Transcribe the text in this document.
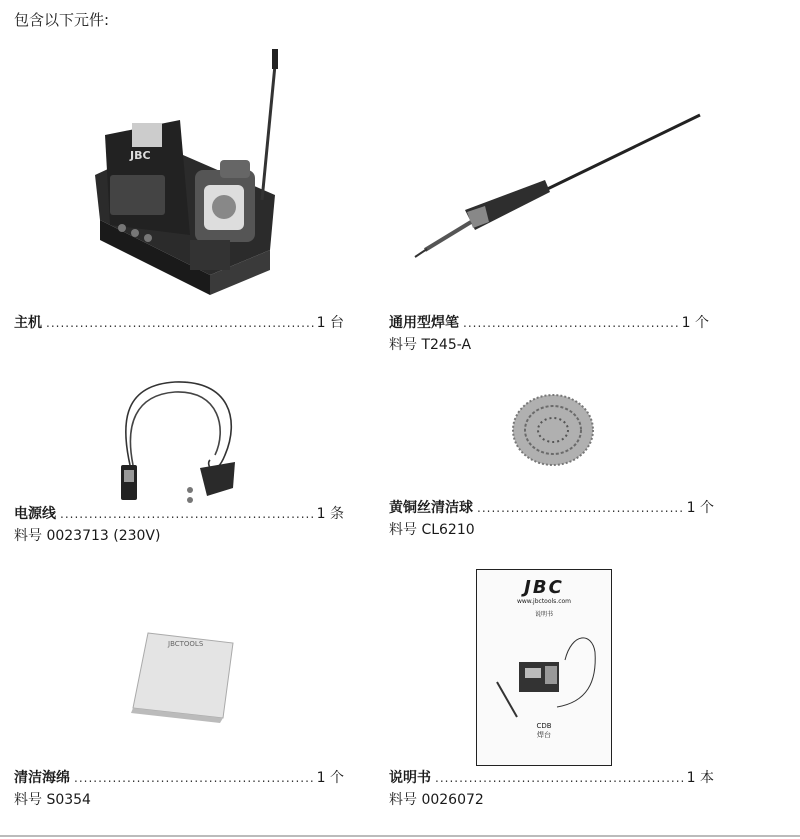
包含以下元件:
JBC
JBCTOOLS
JBC
www.jbctools.com
说明书
CDB
焊台
主机 .....	1 台	通用型焊笔 .....	1 个
料号 T245-A
电源线 .....	1 条
料号 0023713 (230V)
黄铜丝清洁球 .....	1 个
料号 CL6210
清洁海绵 .....	1 个
料号 S0354
说明书 .....	1 本
料号 0026072
